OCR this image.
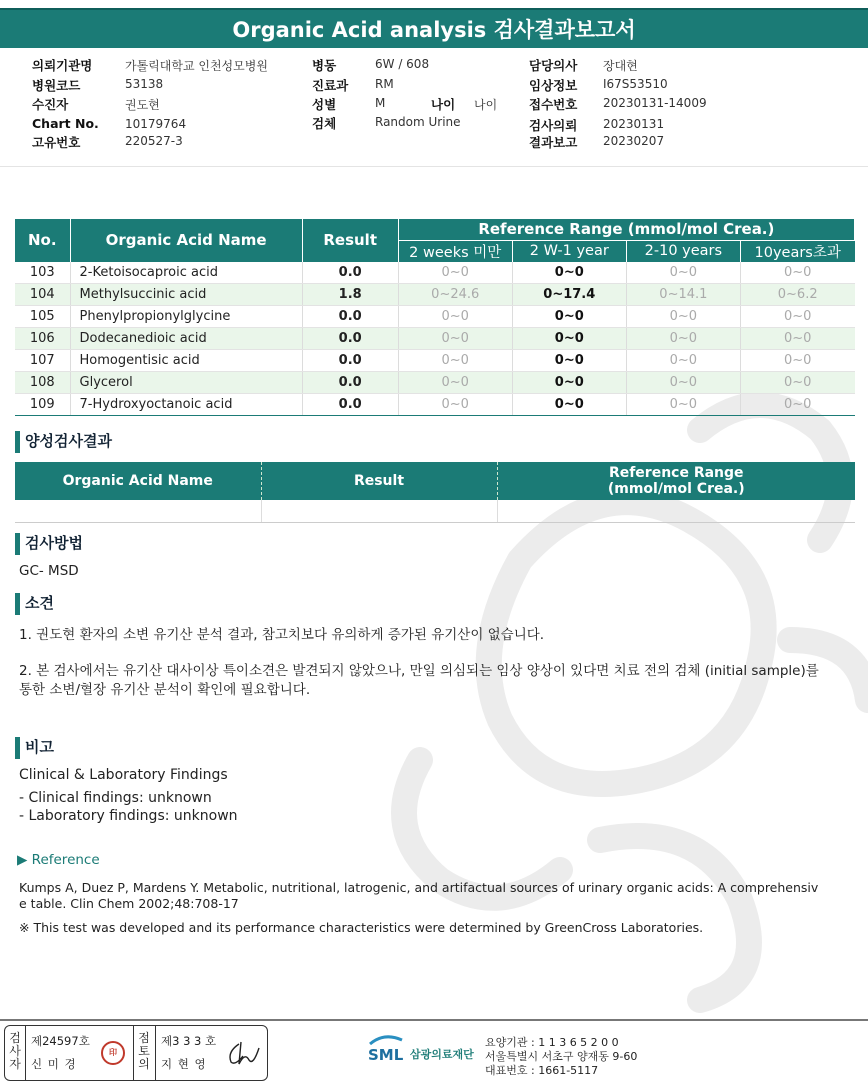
Organic Acid analysis 검사결과보고서
의뢰기관명	가톨릭대학교 인천성모병원
병원코드	53138
수진자	권도현
Chart No. 10179764
고유번호	220527-3
병동	6W / 608
진료과 RM
성별	M	나이 나이
검체	Random Urine
담당의사 장대현
임상정보 I67S53510
접수번호 20230131-14009
검사의뢰 20230131
결과보고 20230207
No.	Organic Acid Name	Result	Reference Range (mmol/mol Crea.)			
			2 weeks 미만	2 W-1 year	2-10 years	10years초과
103	2-Ketoisocaproic acid	0.0	0~0	0~0	0~0	0~0
104	Methylsuccinic acid	1.8	0~24.6	0~17.4	0~14.1	0~6.2
105	Phenylpropionylglycine	0.0	0~0	0~0	0~0	0~0
106	Dodecanedioic acid	0.0	0~0	0~0	0~0	0~0
107	Homogentisic acid	0.0	0~0	0~0	0~0	0~0
108	Glycerol	0.0	0~0	0~0	0~0	0~0
109	7-Hydroxyoctanoic acid	0.0	0~0	0~0	0~0	0~0
양성검사결과
Organic Acid Name	Result	Reference Range
(mmol/mol Crea.)

검사방법
GC- MSD
소견
1. 권도현 환자의 소변 유기산 분석 결과, 참고치보다 유의하게 증가된 유기산이 없습니다.
2. 본 검사에서는 유기산 대사이상 특이소견은 발견되지 않았으나, 만일 의심되는 임상 양상이 있다면 치료 전의 검체 (initial sample)를
통한 소변/혈장 유기산 분석이 확인에 필요합니다.
비고
Clinical & Laboratory Findings
- Clinical findings: unknown
- Laboratory findings: unknown
▶ Reference
Kumps A, Duez P, Mardens Y. Metabolic, nutritional, latrogenic, and artifactual sources of urinary organic acids: A comprehensiv
e table. Clin Chem 2002;48:708-17
※ This test was developed and its performance characteristics were determined by GreenCross Laboratories.
검
사
자
제24597호
신 미 경
印
점
토
의
제3 3 3 호
지 현 영	SML 삼광의료재단
요양기관 : 1 1 3 6 5 2 0 0
서울특별시 서초구 양재동 9-60
대표번호 : 1661-5117
